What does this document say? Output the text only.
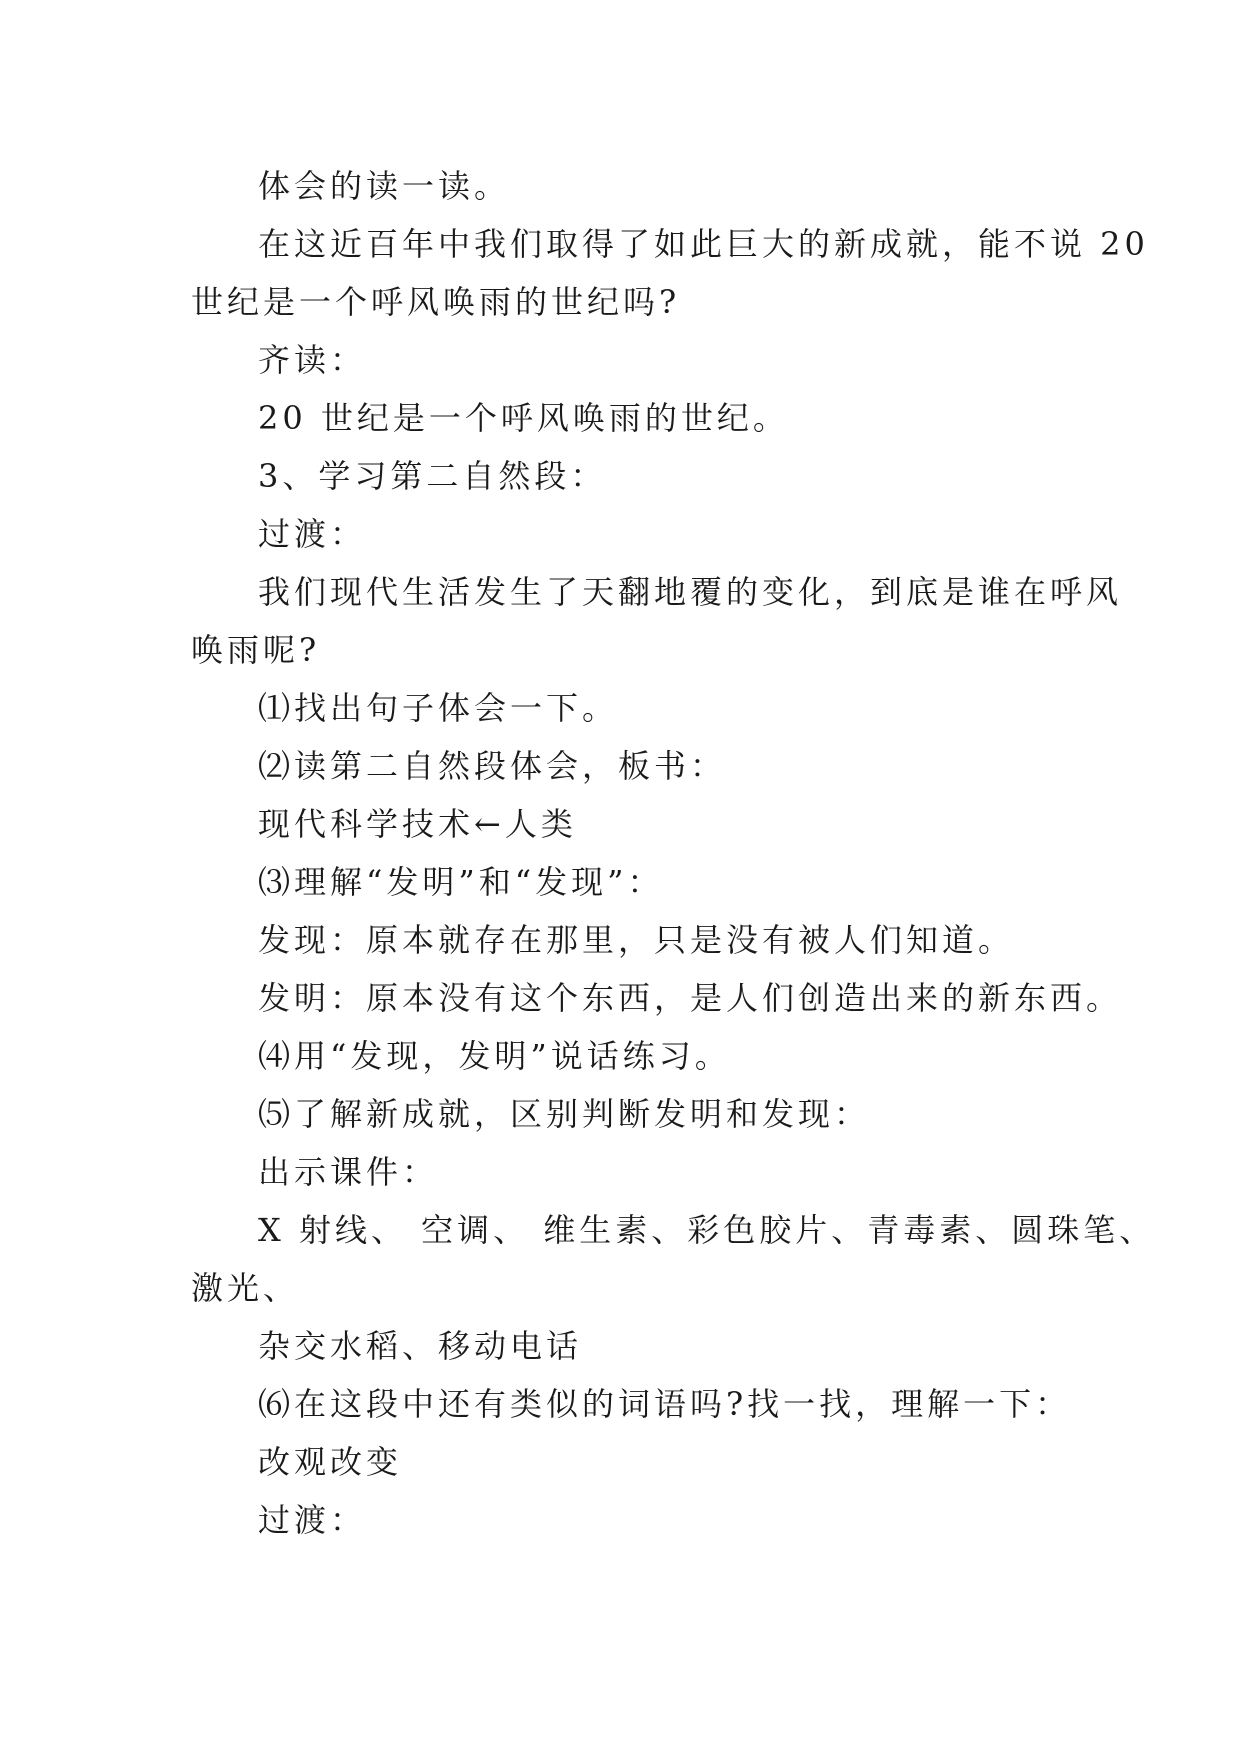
体会的读一读。
在这近百年中我们取得了如此巨大的新成就，能不说 20
世纪是一个呼风唤雨的世纪吗?
齐读：
20 世纪是一个呼风唤雨的世纪。
3、学习第二自然段：
过渡：
我们现代生活发生了天翻地覆的变化，到底是谁在呼风
唤雨呢?
⑴找出句子体会一下。
⑵读第二自然段体会，板书：
现代科学技术←人类
⑶理解“发明”和“发现”：
发现：原本就存在那里，只是没有被人们知道。
发明：原本没有这个东西，是人们创造出来的新东西。
⑷用“发现，发明”说话练习。
⑸了解新成就，区别判断发明和发现：
出示课件：
X 射线、 空调、 维生素、彩色胶片、青毒素、圆珠笔、
激光、
杂交水稻、移动电话
⑹在这段中还有类似的词语吗?找一找，理解一下：
改观改变
过渡：
